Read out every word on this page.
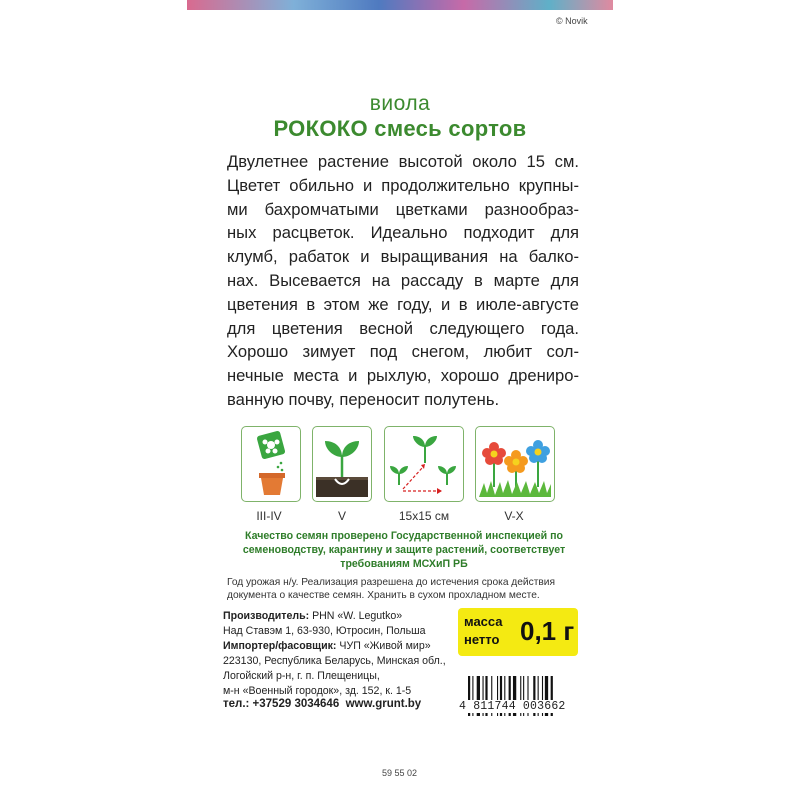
© Novik
виола
РОКОКО смесь сортов
Двулетнее растение высотой около 15 см.
Цветет обильно и продолжительно крупны-
ми бахромчатыми цветками разнообраз-
ных расцветок. Идеально подходит для
клумб, рабаток и выращивания на балко-
нах. Высевается на рассаду в марте для
цветения в этом же году, и в июле-августе
для цветения весной следующего года.
Хорошо зимует под снегом, любит сол-
нечные места и рыхлую, хорошо дрениро-
ванную почву, переносит полутень.
III-IV	V	15x15 см	V-X
Качество семян проверено Государственной инспекцией по
семеноводству, карантину и защите растений, соответствует
требованиям МСХиП РБ
Год урожая н/у. Реализация разрешена до истечения срока действия
документа о качестве семян. Хранить в сухом прохладном месте.
Производитель: PHN «W. Legutko»
Над Ставэм 1, 63-930, Ютросин, Польша
Импортер/фасовщик: ЧУП «Живой мир»
223130, Республика Беларусь, Минская обл.,
Логойский р-н, г. п. Плещеницы,
м-н «Военный городок», зд. 152, к. 1-5
масса
нетто 0,1 г
тел.: +37529 3034646  www.grunt.by	4 811744 003662
59 55 02
